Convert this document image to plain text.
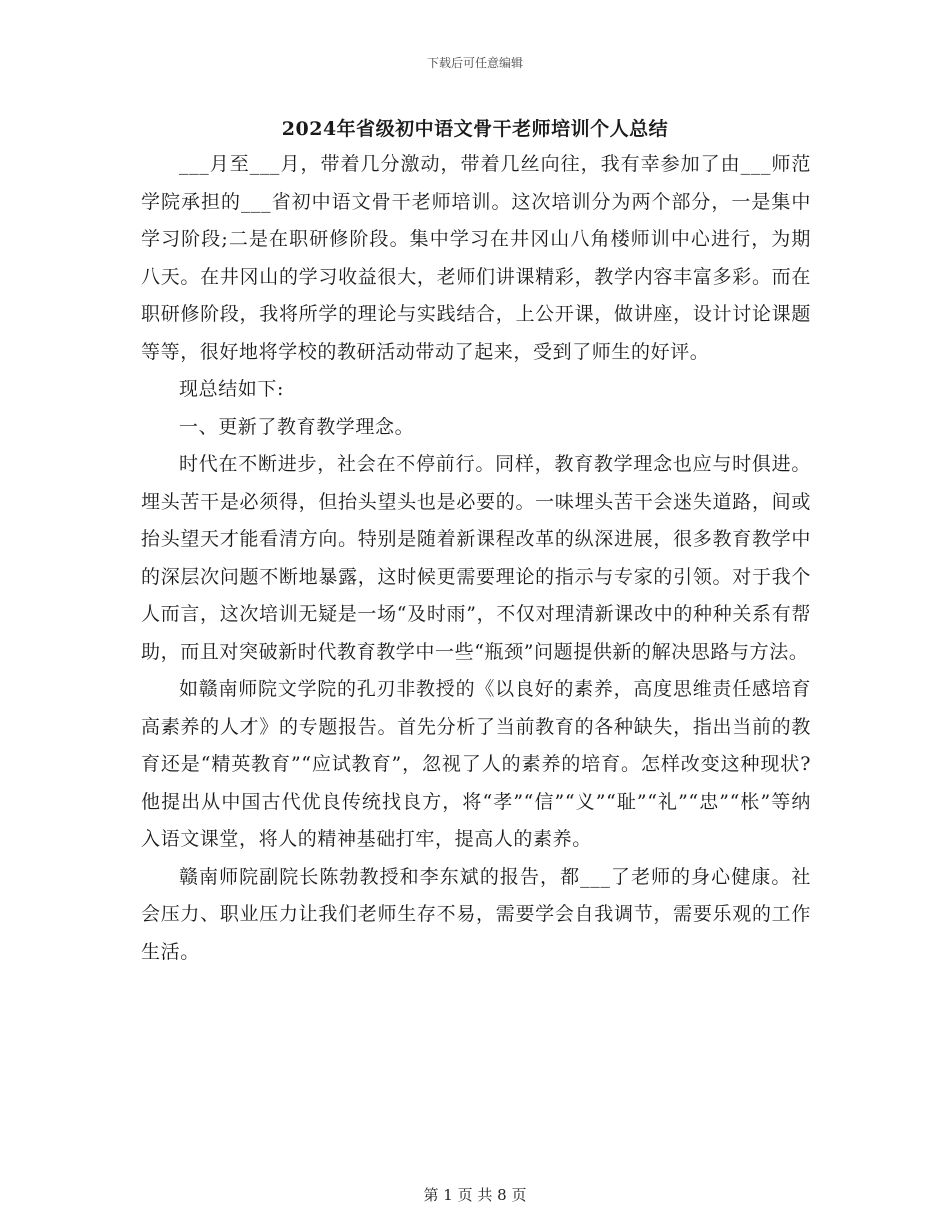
下载后可任意编辑
2024年省级初中语文骨干老师培训个人总结

___月至___月，带着几分激动，带着几丝向往，我有幸参加了由___师范学院承担的___省初中语文骨干老师培训。这次培训分为两个部分，一是集中学习阶段;二是在职研修阶段。集中学习在井冈山八角楼师训中心进行，为期八天。在井冈山的学习收益很大，老师们讲课精彩，教学内容丰富多彩。而在职研修阶段，我将所学的理论与实践结合，上公开课，做讲座，设计讨论课题等等，很好地将学校的教研活动带动了起来，受到了师生的好评。

现总结如下:

一、更新了教育教学理念。

时代在不断进步，社会在不停前行。同样，教育教学理念也应与时俱进。埋头苦干是必须得，但抬头望头也是必要的。一味埋头苦干会迷失道路，间或抬头望天才能看清方向。特别是随着新课程改革的纵深进展，很多教育教学中的深层次问题不断地暴露，这时候更需要理论的指示与专家的引领。对于我个人而言，这次培训无疑是一场“及时雨”，不仅对理清新课改中的种种关系有帮助，而且对突破新时代教育教学中一些“瓶颈”问题提供新的解决思路与方法。

如赣南师院文学院的孔刃非教授的《以良好的素养，高度思维责任感培育高素养的人才》的专题报告。首先分析了当前教育的各种缺失，指出当前的教育还是“精英教育”“应试教育”，忽视了人的素养的培育。怎样改变这种现状?他提出从中国古代优良传统找良方，将“孝”“信”“义”“耻”“礼”“忠”“枨”等纳入语文课堂，将人的精神基础打牢，提高人的素养。

赣南师院副院长陈勃教授和李东斌的报告，都___了老师的身心健康。社会压力、职业压力让我们老师生存不易，需要学会自我调节，需要乐观的工作生活。

第 1 页 共 8 页
